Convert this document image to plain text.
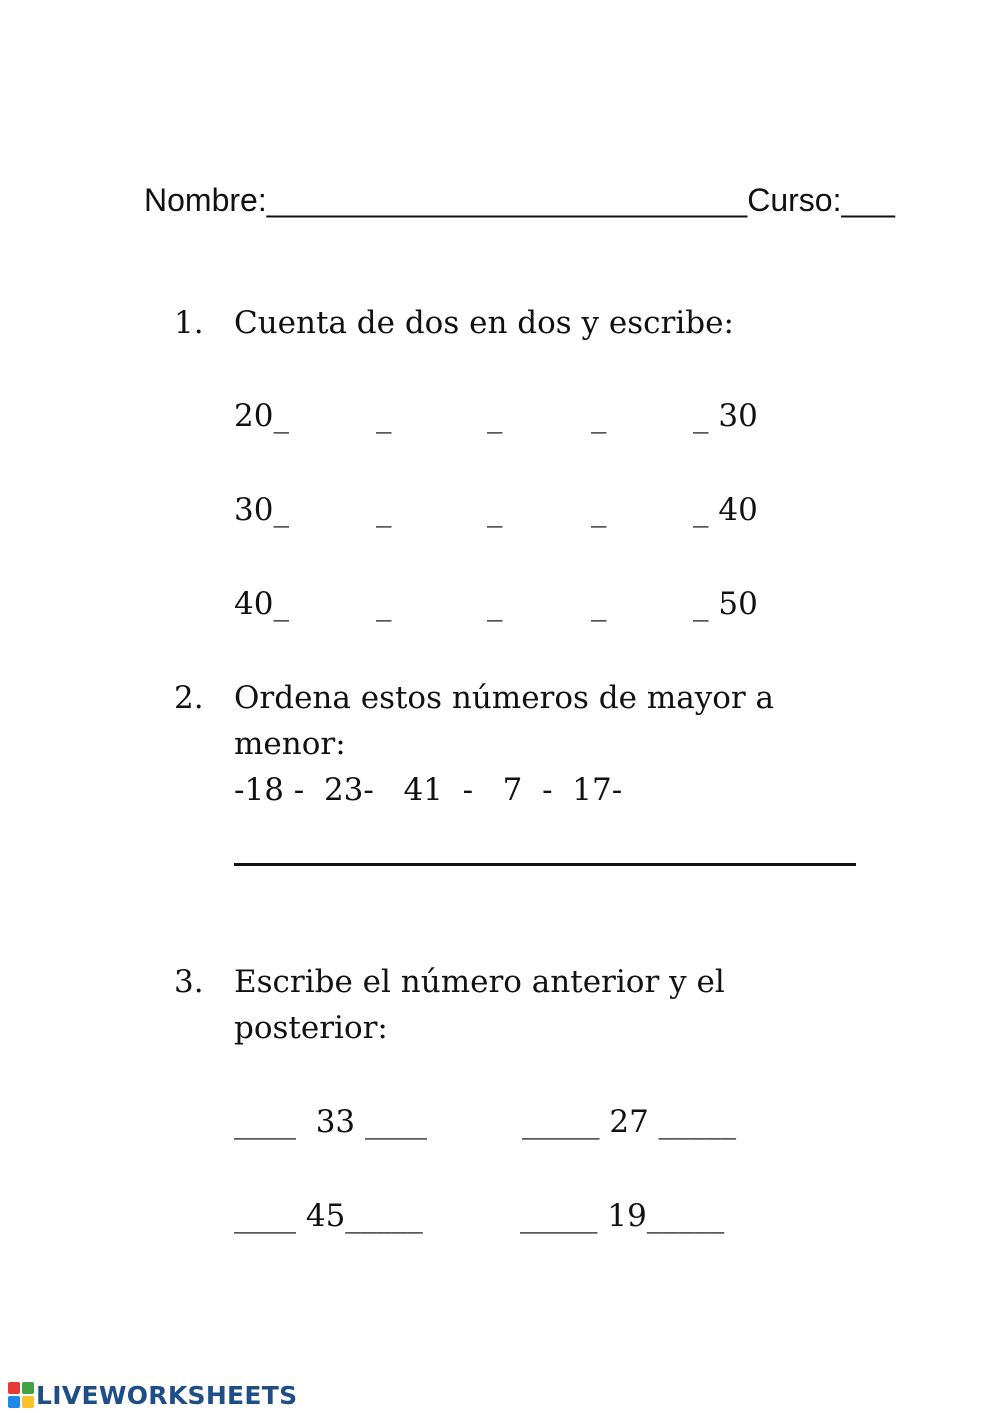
Nombre:___________________________Curso:___
1. Cuenta de dos en dos y escribe:
20_	_	_	_	_ 30
30_	_	_	_	_ 40
40_	_	_	_	_ 50
2. Ordena estos números de mayor a
menor:
-18 -  23-   41  -   7  -  17-
3. Escribe el número anterior y el
posterior:
____  33 ____	_____ 27 _____
____ 45_____	_____ 19_____
LIVEWORKSHEETS
